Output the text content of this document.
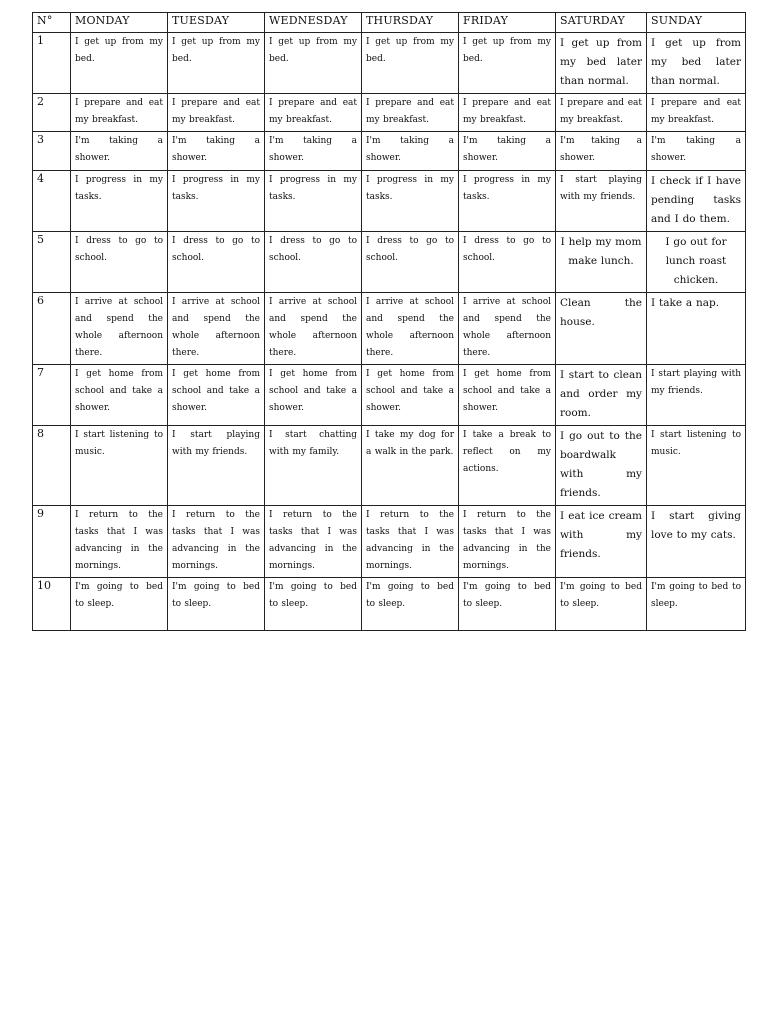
N°	MONDAY	TUESDAY	WEDNESDAY	THURSDAY	FRIDAY	SATURDAY	SUNDAY
1	I get up from my bed.	I get up from my bed.	I get up from my bed.	I get up from my bed.	I get up from my bed.	I get up from my bed later than normal.	I get up from my bed later than normal.
2	I prepare and eat my breakfast.	I prepare and eat my breakfast.	I prepare and eat my breakfast.	I prepare and eat my breakfast.	I prepare and eat my breakfast.	I prepare and eat my breakfast.	I prepare and eat my breakfast.
3	I'm taking a shower.	I'm taking a shower.	I'm taking a shower.	I'm taking a shower.	I'm taking a shower.	I'm taking a shower.	I'm taking a shower.
4	I progress in my tasks.	I progress in my tasks.	I progress in my tasks.	I progress in my tasks.	I progress in my tasks.	I start playing with my friends.	I check if I have pending tasks and I do them.
5	I dress to go to school.	I dress to go to school.	I dress to go to school.	I dress to go to school.	I dress to go to school.	I help my mom make lunch.	I go out for lunch roast chicken.
6	I arrive at school and spend the whole afternoon there.	I arrive at school and spend the whole afternoon there.	I arrive at school and spend the whole afternoon there.	I arrive at school and spend the whole afternoon there.	I arrive at school and spend the whole afternoon there.	Clean the house.	I take a nap.
7	I get home from school and take a shower.	I get home from school and take a shower.	I get home from school and take a shower.	I get home from school and take a shower.	I get home from school and take a shower.	I start to clean and order my room.	I start playing with my friends.
8	I start listening to music.	I start playing with my friends.	I start chatting with my family.	I take my dog for a walk in the park.	I take a break to reflect on my actions.	I go out to the boardwalk with my friends.	I start listening to music.
9	I return to the tasks that I was advancing in the mornings.	I return to the tasks that I was advancing in the mornings.	I return to the tasks that I was advancing in the mornings.	I return to the tasks that I was advancing in the mornings.	I return to the tasks that I was advancing in the mornings.	I eat ice cream with my friends.	I start giving love to my cats.
10	I'm going to bed to sleep.	I'm going to bed to sleep.	I'm going to bed to sleep.	I'm going to bed to sleep.	I'm going to bed to sleep.	I'm going to bed to sleep.	I'm going to bed to sleep.
